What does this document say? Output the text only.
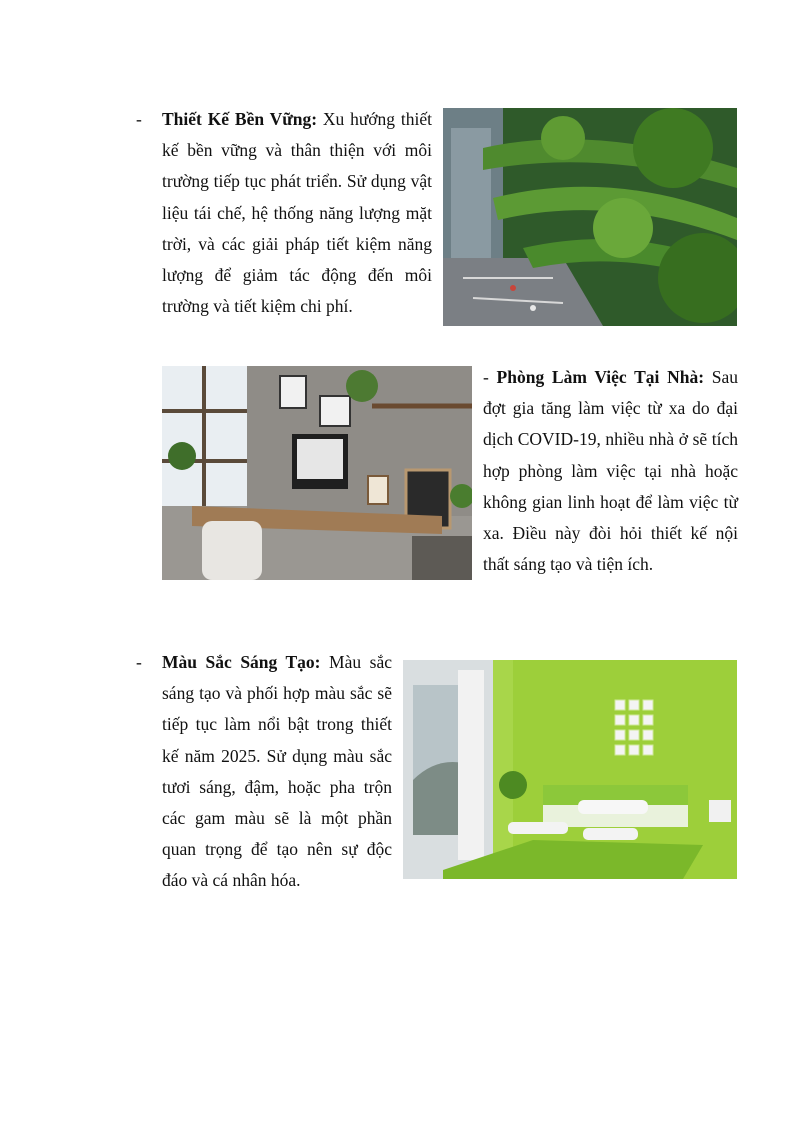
- Thiết Kế Bền Vững: Xu hướng thiết kế bền vững và thân thiện với môi trường tiếp tục phát triển. Sử dụng vật liệu tái chế, hệ thống năng lượng mặt trời, và các giải pháp tiết kiệm năng lượng để giảm tác động đến môi trường và tiết kiệm chi phí.
- Phòng Làm Việc Tại Nhà: Sau đợt gia tăng làm việc từ xa do đại dịch COVID-19, nhiều nhà ở sẽ tích hợp phòng làm việc tại nhà hoặc không gian linh hoạt để làm việc từ xa. Điều này đòi hỏi thiết kế nội thất sáng tạo và tiện ích.
- Màu Sắc Sáng Tạo: Màu sắc sáng tạo và phối hợp màu sắc sẽ tiếp tục làm nổi bật trong thiết kế năm 2025. Sử dụng màu sắc tươi sáng, đậm, hoặc pha trộn các gam màu sẽ là một phần quan trọng để tạo nên sự độc đáo và cá nhân hóa.
